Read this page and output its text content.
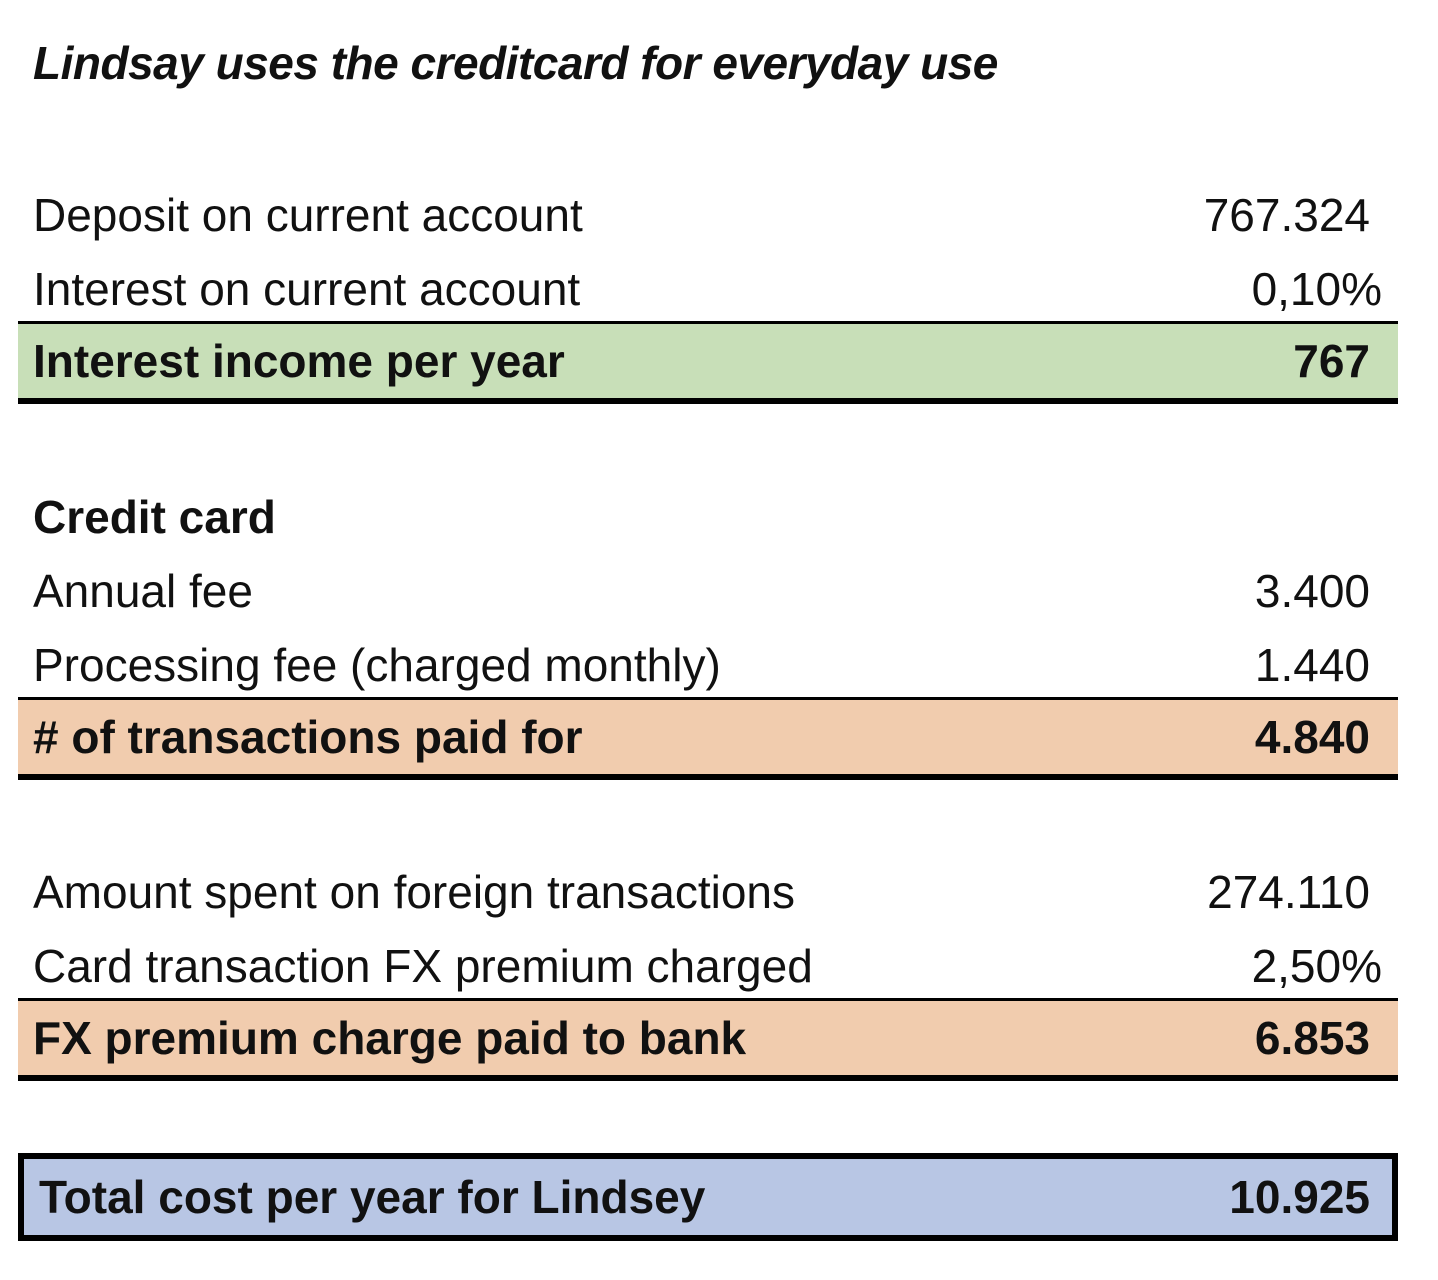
Lindsay uses the creditcard for everyday use
Deposit on current account	767.324
Interest on current account	0,10%
Interest income per year	767
Credit card
Annual fee	3.400
Processing fee (charged monthly)	1.440
# of transactions paid for	4.840
Amount spent on foreign transactions	274.110
Card transaction FX premium charged	2,50%
FX premium charge paid to bank	6.853
Total cost per year for Lindsey	10.925
